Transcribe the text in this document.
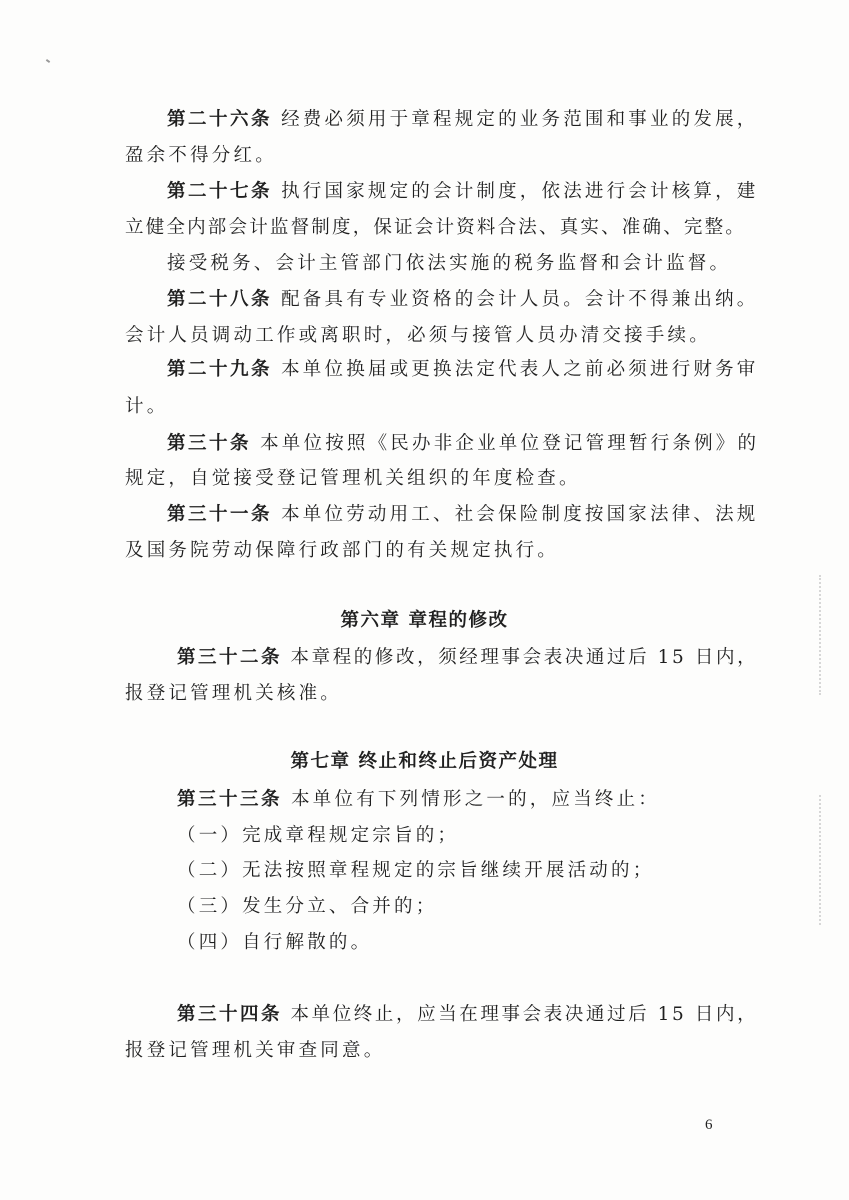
第二十六条 经费必须用于章程规定的业务范围和事业的发展，
盈余不得分红。
第二十七条 执行国家规定的会计制度，依法进行会计核算，建
立健全内部会计监督制度，保证会计资料合法、真实、准确、完整。
接受税务、会计主管部门依法实施的税务监督和会计监督。
第二十八条 配备具有专业资格的会计人员。会计不得兼出纳。
会计人员调动工作或离职时，必须与接管人员办清交接手续。
第二十九条 本单位换届或更换法定代表人之前必须进行财务审
计。
第三十条 本单位按照《民办非企业单位登记管理暂行条例》的
规定，自觉接受登记管理机关组织的年度检查。
第三十一条 本单位劳动用工、社会保险制度按国家法律、法规
及国务院劳动保障行政部门的有关规定执行。
第六章 章程的修改
第三十二条 本章程的修改，须经理事会表决通过后 15 日内，
报登记管理机关核准。
第七章 终止和终止后资产处理
第三十三条 本单位有下列情形之一的，应当终止：
（一）完成章程规定宗旨的；
（二）无法按照章程规定的宗旨继续开展活动的；
（三）发生分立、合并的；
（四）自行解散的。
第三十四条 本单位终止，应当在理事会表决通过后 15 日内，
报登记管理机关审查同意。
6
